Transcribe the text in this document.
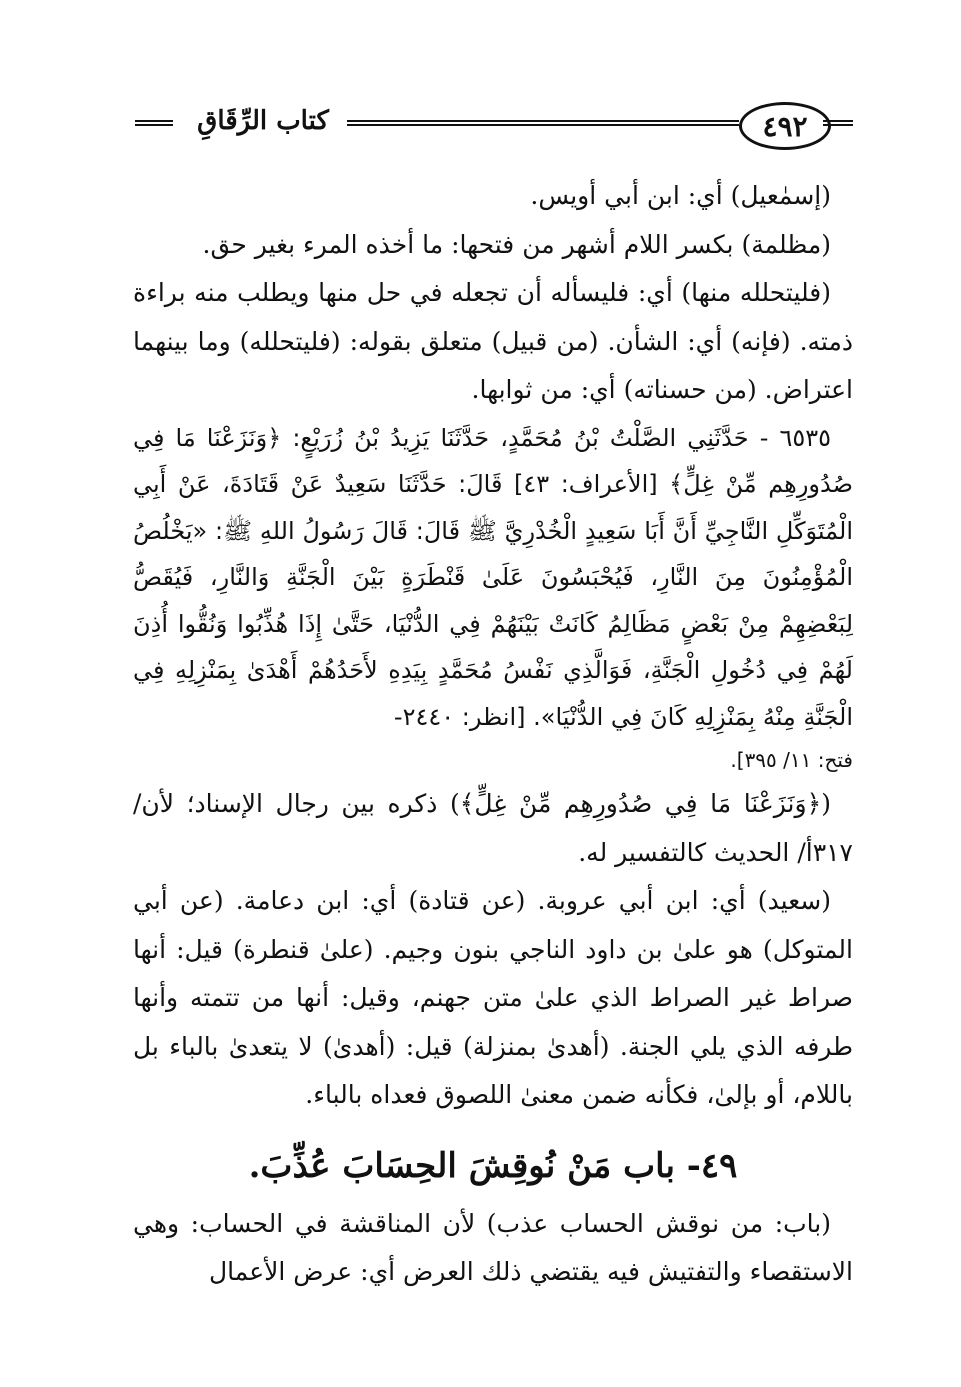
كتاب الرِّقَاقِ	٤٩٢

(إسمٰعيل) أي: ابن أبي أويس.

(مظلمة) بكسر اللام أشهر من فتحها: ما أخذه المرء بغير حق.

(فليتحلله منها) أي: فليسأله أن تجعله في حل منها ويطلب منه براءة ذمته. (فإنه) أي: الشأن. (من قبيل) متعلق بقوله: (فليتحلله) وما بينهما اعتراض. (من حسناته) أي: من ثوابها.

٦٥٣٥ - حَدَّثَنِي الصَّلْتُ بْنُ مُحَمَّدٍ، حَدَّثَنَا يَزِيدُ بْنُ زُرَيْعٍ: ﴿وَنَزَعْنَا مَا فِي صُدُورِهِم مِّنْ غِلٍّ﴾ [الأعراف: ٤٣] قَالَ: حَدَّثَنَا سَعِيدٌ عَنْ قَتَادَةَ، عَنْ أَبِي الْمُتَوَكِّلِ النَّاجِيِّ أَنَّ أَبَا سَعِيدٍ الْخُدْرِيَّ ﷺ قَالَ: قَالَ رَسُولُ اللهِ ﷺ: «يَخْلُصُ الْمُؤْمِنُونَ مِنَ النَّارِ، فَيُحْبَسُونَ عَلَىٰ قَنْطَرَةٍ بَيْنَ الْجَنَّةِ وَالنَّارِ، فَيُقَصُّ لِبَعْضِهِمْ مِنْ بَعْضٍ مَظَالِمُ كَانَتْ بَيْنَهُمْ فِي الدُّنْيَا، حَتَّىٰ إِذَا هُذِّبُوا وَنُقُّوا أُذِنَ لَهُمْ فِي دُخُولِ الْجَنَّةِ، فَوَالَّذِي نَفْسُ مُحَمَّدٍ بِيَدِهِ لأَحَدُهُمْ أَهْدَىٰ بِمَنْزِلِهِ فِي الْجَنَّةِ مِنْهُ بِمَنْزِلِهِ كَانَ فِي الدُّنْيَا». [انظر: ٢٤٤٠-

فتح: ١١/ ٣٩٥].

(﴿وَنَزَعْنَا مَا فِي صُدُورِهِم مِّنْ غِلٍّ﴾) ذكره بين رجال الإسناد؛ لأن/ ٣١٧أ/ الحديث كالتفسير له.

(سعيد) أي: ابن أبي عروبة. (عن قتادة) أي: ابن دعامة. (عن أبي المتوكل) هو علىٰ بن داود الناجي بنون وجيم. (علىٰ قنطرة) قيل: أنها صراط غير الصراط الذي علىٰ متن جهنم، وقيل: أنها من تتمته وأنها طرفه الذي يلي الجنة. (أهدىٰ بمنزلة) قيل: (أهدىٰ) لا يتعدىٰ بالباء بل باللام، أو بإلىٰ، فكأنه ضمن معنىٰ اللصوق فعداه بالباء.

٤٩- باب مَنْ نُوقِشَ الحِسَابَ عُذِّبَ.

(باب: من نوقش الحساب عذب) لأن المناقشة في الحساب: وهي الاستقصاء والتفتيش فيه يقتضي ذلك العرض أي: عرض الأعمال
